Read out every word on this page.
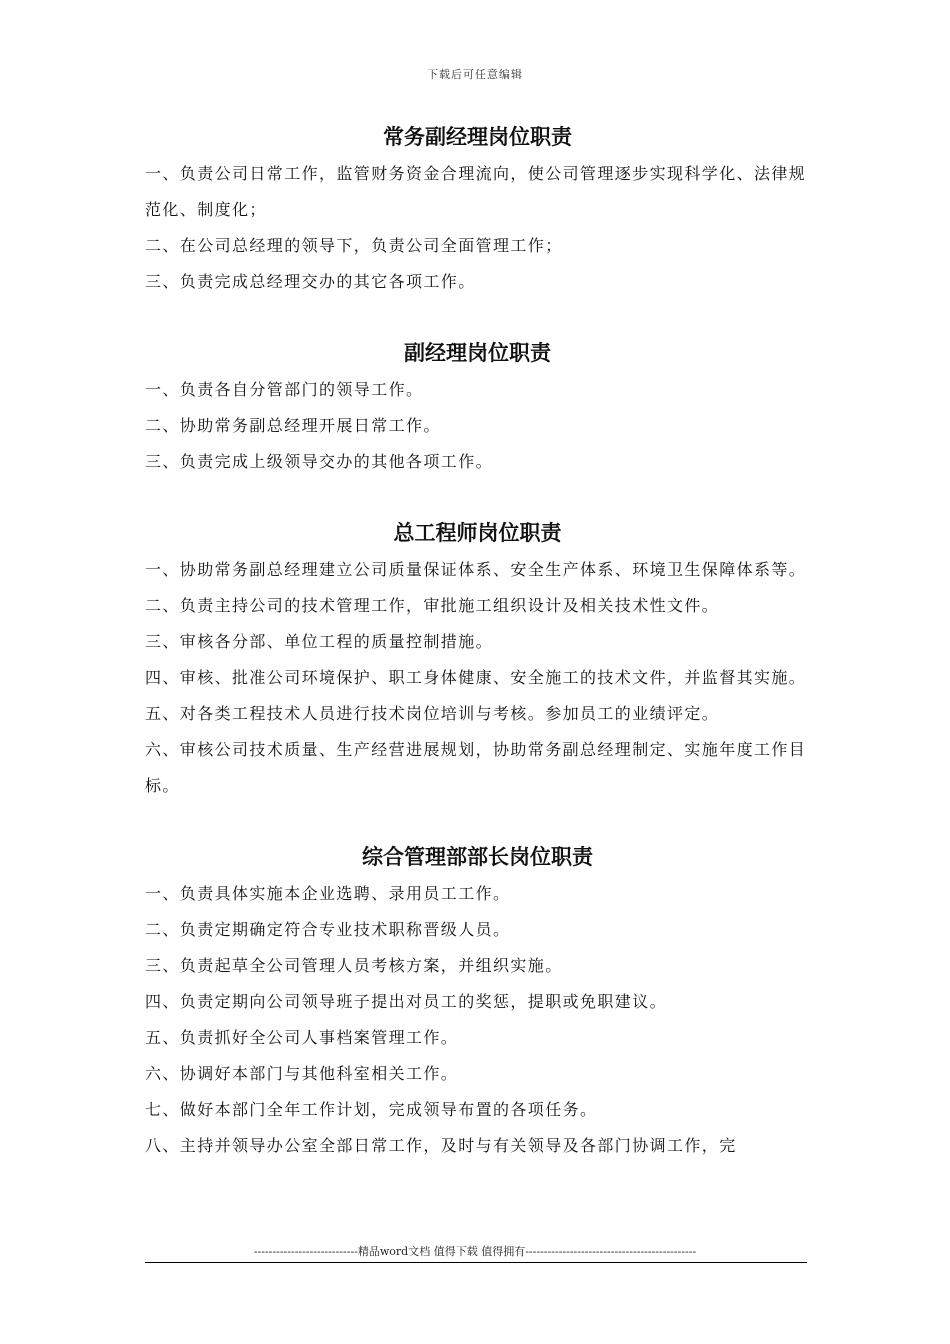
下载后可任意编辑
常务副经理岗位职责

一、负责公司日常工作，监管财务资金合理流向，使公司管理逐步实现科学化、法律规范化、制度化；

二、在公司总经理的领导下，负责公司全面管理工作；

三、负责完成总经理交办的其它各项工作。

副经理岗位职责

一、负责各自分管部门的领导工作。

二、协助常务副总经理开展日常工作。

三、负责完成上级领导交办的其他各项工作。

总工程师岗位职责

一、协助常务副总经理建立公司质量保证体系、安全生产体系、环境卫生保障体系等。

二、负责主持公司的技术管理工作，审批施工组织设计及相关技术性文件。

三、审核各分部、单位工程的质量控制措施。

四、审核、批准公司环境保护、职工身体健康、安全施工的技术文件，并监督其实施。

五、对各类工程技术人员进行技术岗位培训与考核。参加员工的业绩评定。

六、审核公司技术质量、生产经营进展规划，协助常务副总经理制定、实施年度工作目标。

综合管理部部长岗位职责

一、负责具体实施本企业选聘、录用员工工作。

二、负责定期确定符合专业技术职称晋级人员。

三、负责起草全公司管理人员考核方案，并组织实施。

四、负责定期向公司领导班子提出对员工的奖惩，提职或免职建议。

五、负责抓好全公司人事档案管理工作。

六、协调好本部门与其他科室相关工作。

七、做好本部门全年工作计划，完成领导布置的各项任务。

八、主持并领导办公室全部日常工作，及时与有关领导及各部门协调工作，完

----------------------------精品word文档 值得下载 值得拥有----------------------------------------------
